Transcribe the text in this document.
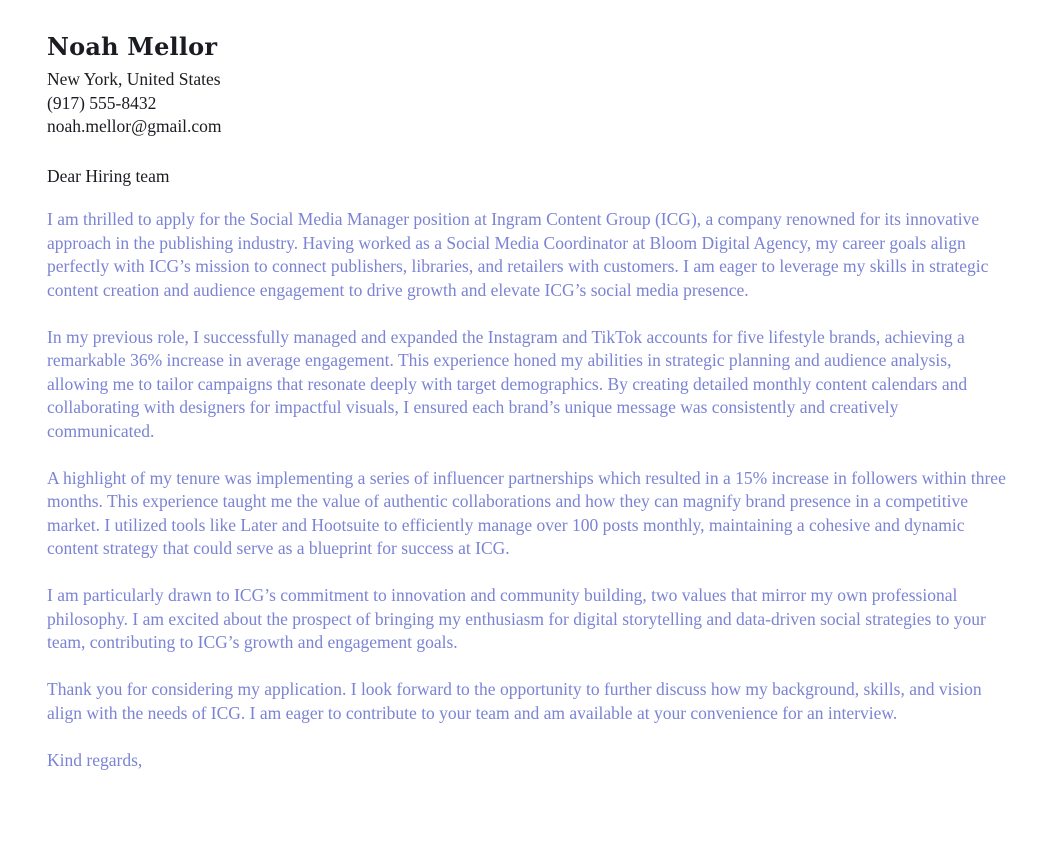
Noah Mellor
New York, United States
(917) 555-8432
noah.mellor@gmail.com
Dear Hiring team

I am thrilled to apply for the Social Media Manager position at Ingram Content Group (ICG), a company renowned for its innovative approach in the publishing industry. Having worked as a Social Media Coordinator at Bloom Digital Agency, my career goals align perfectly with ICG’s mission to connect publishers, libraries, and retailers with customers. I am eager to leverage my skills in strategic content creation and audience engagement to drive growth and elevate ICG’s social media presence.

In my previous role, I successfully managed and expanded the Instagram and TikTok accounts for five lifestyle brands, achieving a remarkable 36% increase in average engagement. This experience honed my abilities in strategic planning and audience analysis, allowing me to tailor campaigns that resonate deeply with target demographics. By creating detailed monthly content calendars and collaborating with designers for impactful visuals, I ensured each brand’s unique message was consistently and creatively communicated.

A highlight of my tenure was implementing a series of influencer partnerships which resulted in a 15% increase in followers within three months. This experience taught me the value of authentic collaborations and how they can magnify brand presence in a competitive market. I utilized tools like Later and Hootsuite to efficiently manage over 100 posts monthly, maintaining a cohesive and dynamic content strategy that could serve as a blueprint for success at ICG.

I am particularly drawn to ICG’s commitment to innovation and community building, two values that mirror my own professional philosophy. I am excited about the prospect of bringing my enthusiasm for digital storytelling and data-driven social strategies to your team, contributing to ICG’s growth and engagement goals.

Thank you for considering my application. I look forward to the opportunity to further discuss how my background, skills, and vision align with the needs of ICG. I am eager to contribute to your team and am available at your convenience for an interview.

Kind regards,
